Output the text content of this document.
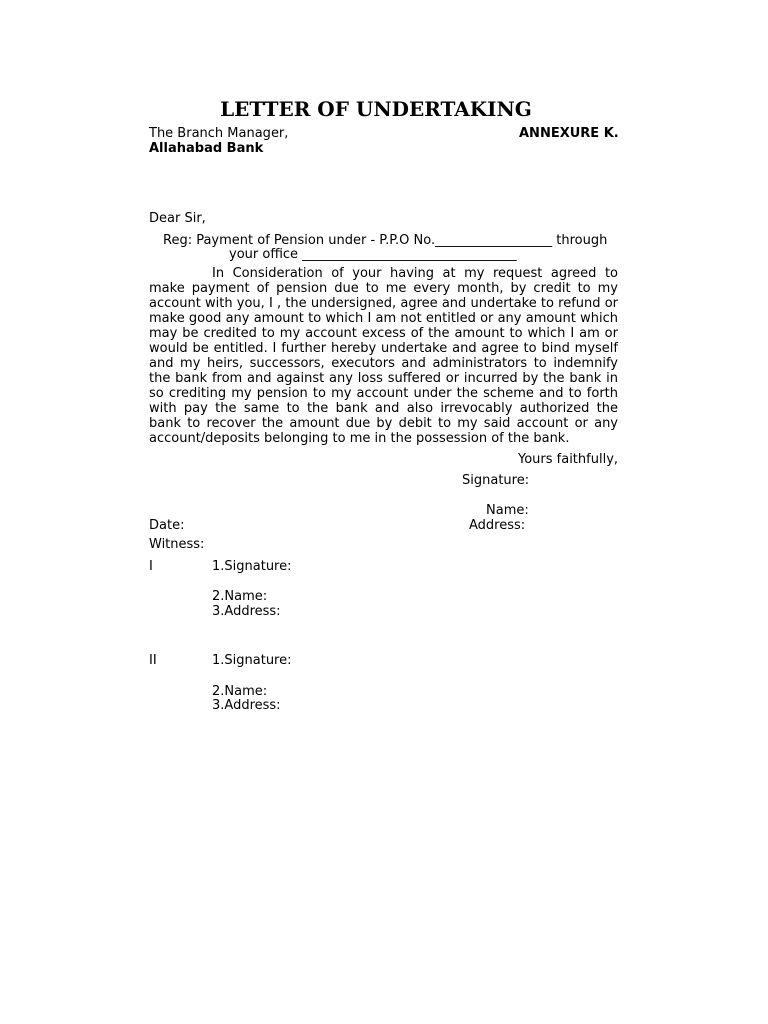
LETTER OF UNDERTAKING
The Branch Manager,
Allahabad Bank
ANNEXURE K.
Dear Sir,
Reg: Payment of Pension under - P.P.O No.__________________ through
your office _________________________________

In Consideration of your having at my request agreed to make payment of pension due to me every month, by credit to my account with you, I , the undersigned, agree and undertake to refund or make good any amount to which I am not entitled or any amount which may be credited to my account excess of the amount to which I am or would be entitled. I further hereby undertake and agree to bind myself and my heirs, successors, executors and administrators to indemnify the bank from and against any loss suffered or incurred by the bank in so crediting my pension to my account under the scheme and to forth with pay the same to the bank and also irrevocably authorized the bank to recover the amount due by debit to my said account or any account/deposits belonging to me in the possession of the bank.

Yours faithfully,
Signature:
Name:
Address:
Date:
Witness:
I	1.Signature:
2.Name:
3.Address:
II	1.Signature:
2.Name:
3.Address:
